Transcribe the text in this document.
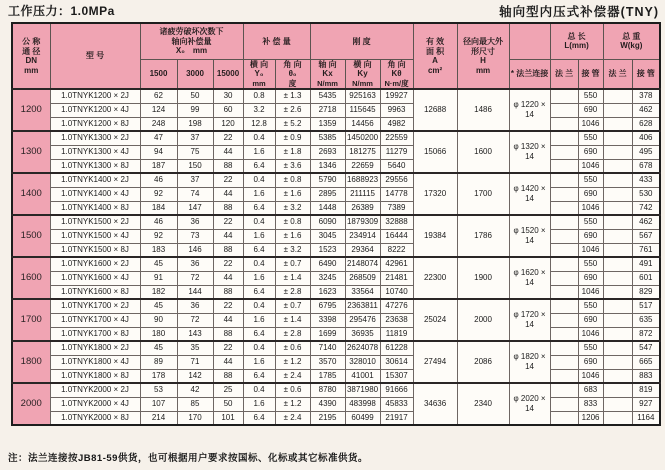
工作压力：1.0MPa	轴向型内压式补偿器(TNY)
公 称
通 径
DN
mm	型 号	诸疲劳破坏次数下
轴向补偿量
X₀　mm			补 偿 量		刚 度			有 效
面 积
A
cm²	径向最大外
形尺寸
H
mm		总 长
L(mm)		总 重
W(kg)	

		1500	3000	15000	横 向
Y₀
mm	角 向
θ₀
度	轴 向
Kx
N/mm	横 向
Ky
N/mm	角 向
Kθ
N·m/度			* 法兰连接	法 兰	接 管	法 兰	接 管
1200	1.0TNYK1200 × 2J	62	50	30	0.8	± 1.3	5435	925163	19927	12688	1486	φ 1220 × 14		550		378
	1.0TNYK1200 × 4J	124	99	60	3.2	± 2.6	2718	115645	9963					690		462
	1.0TNYK1200 × 8J	248	198	120	12.8	± 5.2	1359	14456	4982					1046		628
1300	1.0TNYK1300 × 2J	47	37	22	0.4	± 0.9	5385	1450200	22559	15066	1600	φ 1320 × 14		550		406
	1.0TNYK1300 × 4J	94	75	44	1.6	± 1.8	2693	181275	11279					690		495
	1.0TNYK1300 × 8J	187	150	88	6.4	± 3.6	1346	22659	5640					1046		678
1400	1.0TNYK1400 × 2J	46	37	22	0.4	± 0.8	5790	1688923	29556	17320	1700	φ 1420 × 14		550		433
	1.0TNYK1400 × 4J	92	74	44	1.6	± 1.6	2895	211115	14778					690		530
	1.0TNYK1400 × 8J	184	147	88	6.4	± 3.2	1448	26389	7389					1046		742
1500	1.0TNYK1500 × 2J	46	36	22	0.4	± 0.8	6090	1879309	32888	19384	1786	φ 1520 × 14		550		462
	1.0TNYK1500 × 4J	92	73	44	1.6	± 1.6	3045	234914	16444					690		567
	1.0TNYK1500 × 8J	183	146	88	6.4	± 3.2	1523	29364	8222					1046		761
1600	1.0TNYK1600 × 2J	45	36	22	0.4	± 0.7	6490	2148074	42961	22300	1900	φ 1620 × 14		550		491
	1.0TNYK1600 × 4J	91	72	44	1.6	± 1.4	3245	268509	21481					690		601
	1.0TNYK1600 × 8J	182	144	88	6.4	± 2.8	1623	33564	10740					1046		829
1700	1.0TNYK1700 × 2J	45	36	22	0.4	± 0.7	6795	2363811	47276	25024	2000	φ 1720 × 14		550		517
	1.0TNYK1700 × 4J	90	72	44	1.6	± 1.4	3398	295476	23638					690		635
	1.0TNYK1700 × 8J	180	143	88	6.4	± 2.8	1699	36935	11819					1046		872
1800	1.0TNYK1800 × 2J	45	35	22	0.4	± 0.6	7140	2624078	61228	27494	2086	φ 1820 × 14		550		547
	1.0TNYK1800 × 4J	89	71	44	1.6	± 1.2	3570	328010	30614					690		665
	1.0TNYK1800 × 8J	178	142	88	6.4	± 2.4	1785	41001	15307					1046		883
2000	1.0TNYK2000 × 2J	53	42	25	0.4	± 0.6	8780	3871980	91666	34636	2340	φ 2020 × 14		683		819
	1.0TNYK2000 × 4J	107	85	50	1.6	± 1.2	4390	483998	45833					833		927
	1.0TNYK2000 × 8J	214	170	101	6.4	± 2.4	2195	60499	21917					1206		1164
注：法兰连接按JB81-59供货，也可根据用户要求按国标、化标或其它标准供货。
